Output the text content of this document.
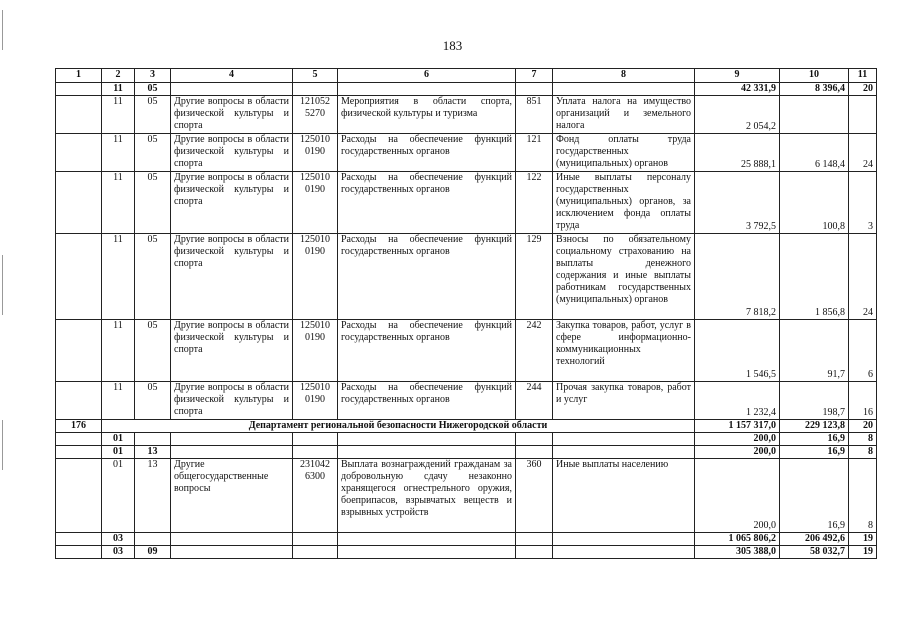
183
1	2	3	4	5	6	7	8	9	10	11
	11	05						42 331,9	8 396,4	20
	11	05	Другие вопросы в области физической культуры и спорта	121052 5270	Мероприятия в области спорта, физической культуры и туризма	851	Уплата налога на имущество организаций и земельного налога	2 054,2		
	11	05	Другие вопросы в области физической культуры и спорта	125010 0190	Расходы на обеспечение функций государственных органов	121	Фонд оплаты труда государственных (муниципальных) органов	25 888,1	6 148,4	24
	11	05	Другие вопросы в области физической культуры и спорта	125010 0190	Расходы на обеспечение функций государственных органов	122	Иные выплаты персоналу государственных (муниципальных) органов, за исключением фонда оплаты труда	3 792,5	100,8	3
	11	05	Другие вопросы в области физической культуры и спорта	125010 0190	Расходы на обеспечение функций государственных органов	129	Взносы по обязательному социальному страхованию на выплаты денежного содержания и иные выплаты работникам государственных (муниципальных) органов	7 818,2	1 856,8	24
	11	05	Другие вопросы в области физической культуры и спорта	125010 0190	Расходы на обеспечение функций государственных органов	242	Закупка товаров, работ, услуг в сфере информационно-коммуникационных технологий	1 546,5	91,7	6
	11	05	Другие вопросы в области физической культуры и спорта	125010 0190	Расходы на обеспечение функций государственных органов	244	Прочая закупка товаров, работ и услуг	1 232,4	198,7	16
176	Департамент региональной безопасности Нижегородской области							1 157 317,0	229 123,8	20
	01							200,0	16,9	8
	01	13						200,0	16,9	8
	01	13	Другие общегосударственные вопросы	231042 6300	Выплата вознаграждений гражданам за добровольную сдачу незаконно хранящегося огнестрельного оружия, боеприпасов, взрывчатых веществ и взрывных устройств	360	Иные выплаты населению	200,0	16,9	8
	03							1 065 806,2	206 492,6	19
	03	09						305 388,0	58 032,7	19
